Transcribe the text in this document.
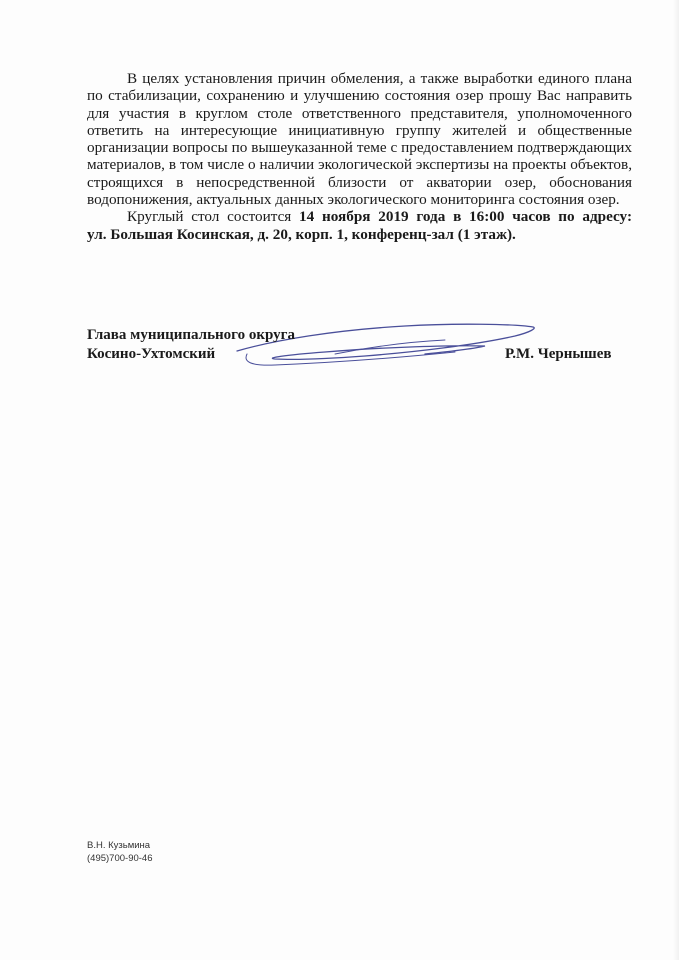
В целях установления причин обмеления, а также выработки единого плана по стабилизации, сохранению и улучшению состояния озер прошу Вас направить для участия в круглом столе ответственного представителя, уполномоченного ответить на интересующие инициативную группу жителей и общественные организации вопросы по вышеуказанной теме с предоставлением подтверждающих материалов, в том числе о наличии экологической экспертизы на проекты объектов, строящихся в непосредственной близости от акватории озер, обоснования водопонижения, актуальных данных экологического мониторинга состояния озер.

Круглый стол состоится 14 ноября 2019 года в 16:00 часов по адресу:

ул. Большая Косинская, д. 20, корп. 1, конференц-зал (1 этаж).

Глава муниципального округа
Косино-Ухтомский	Р.М. Чернышев
В.Н. Кузьмина
(495)700-90-46
